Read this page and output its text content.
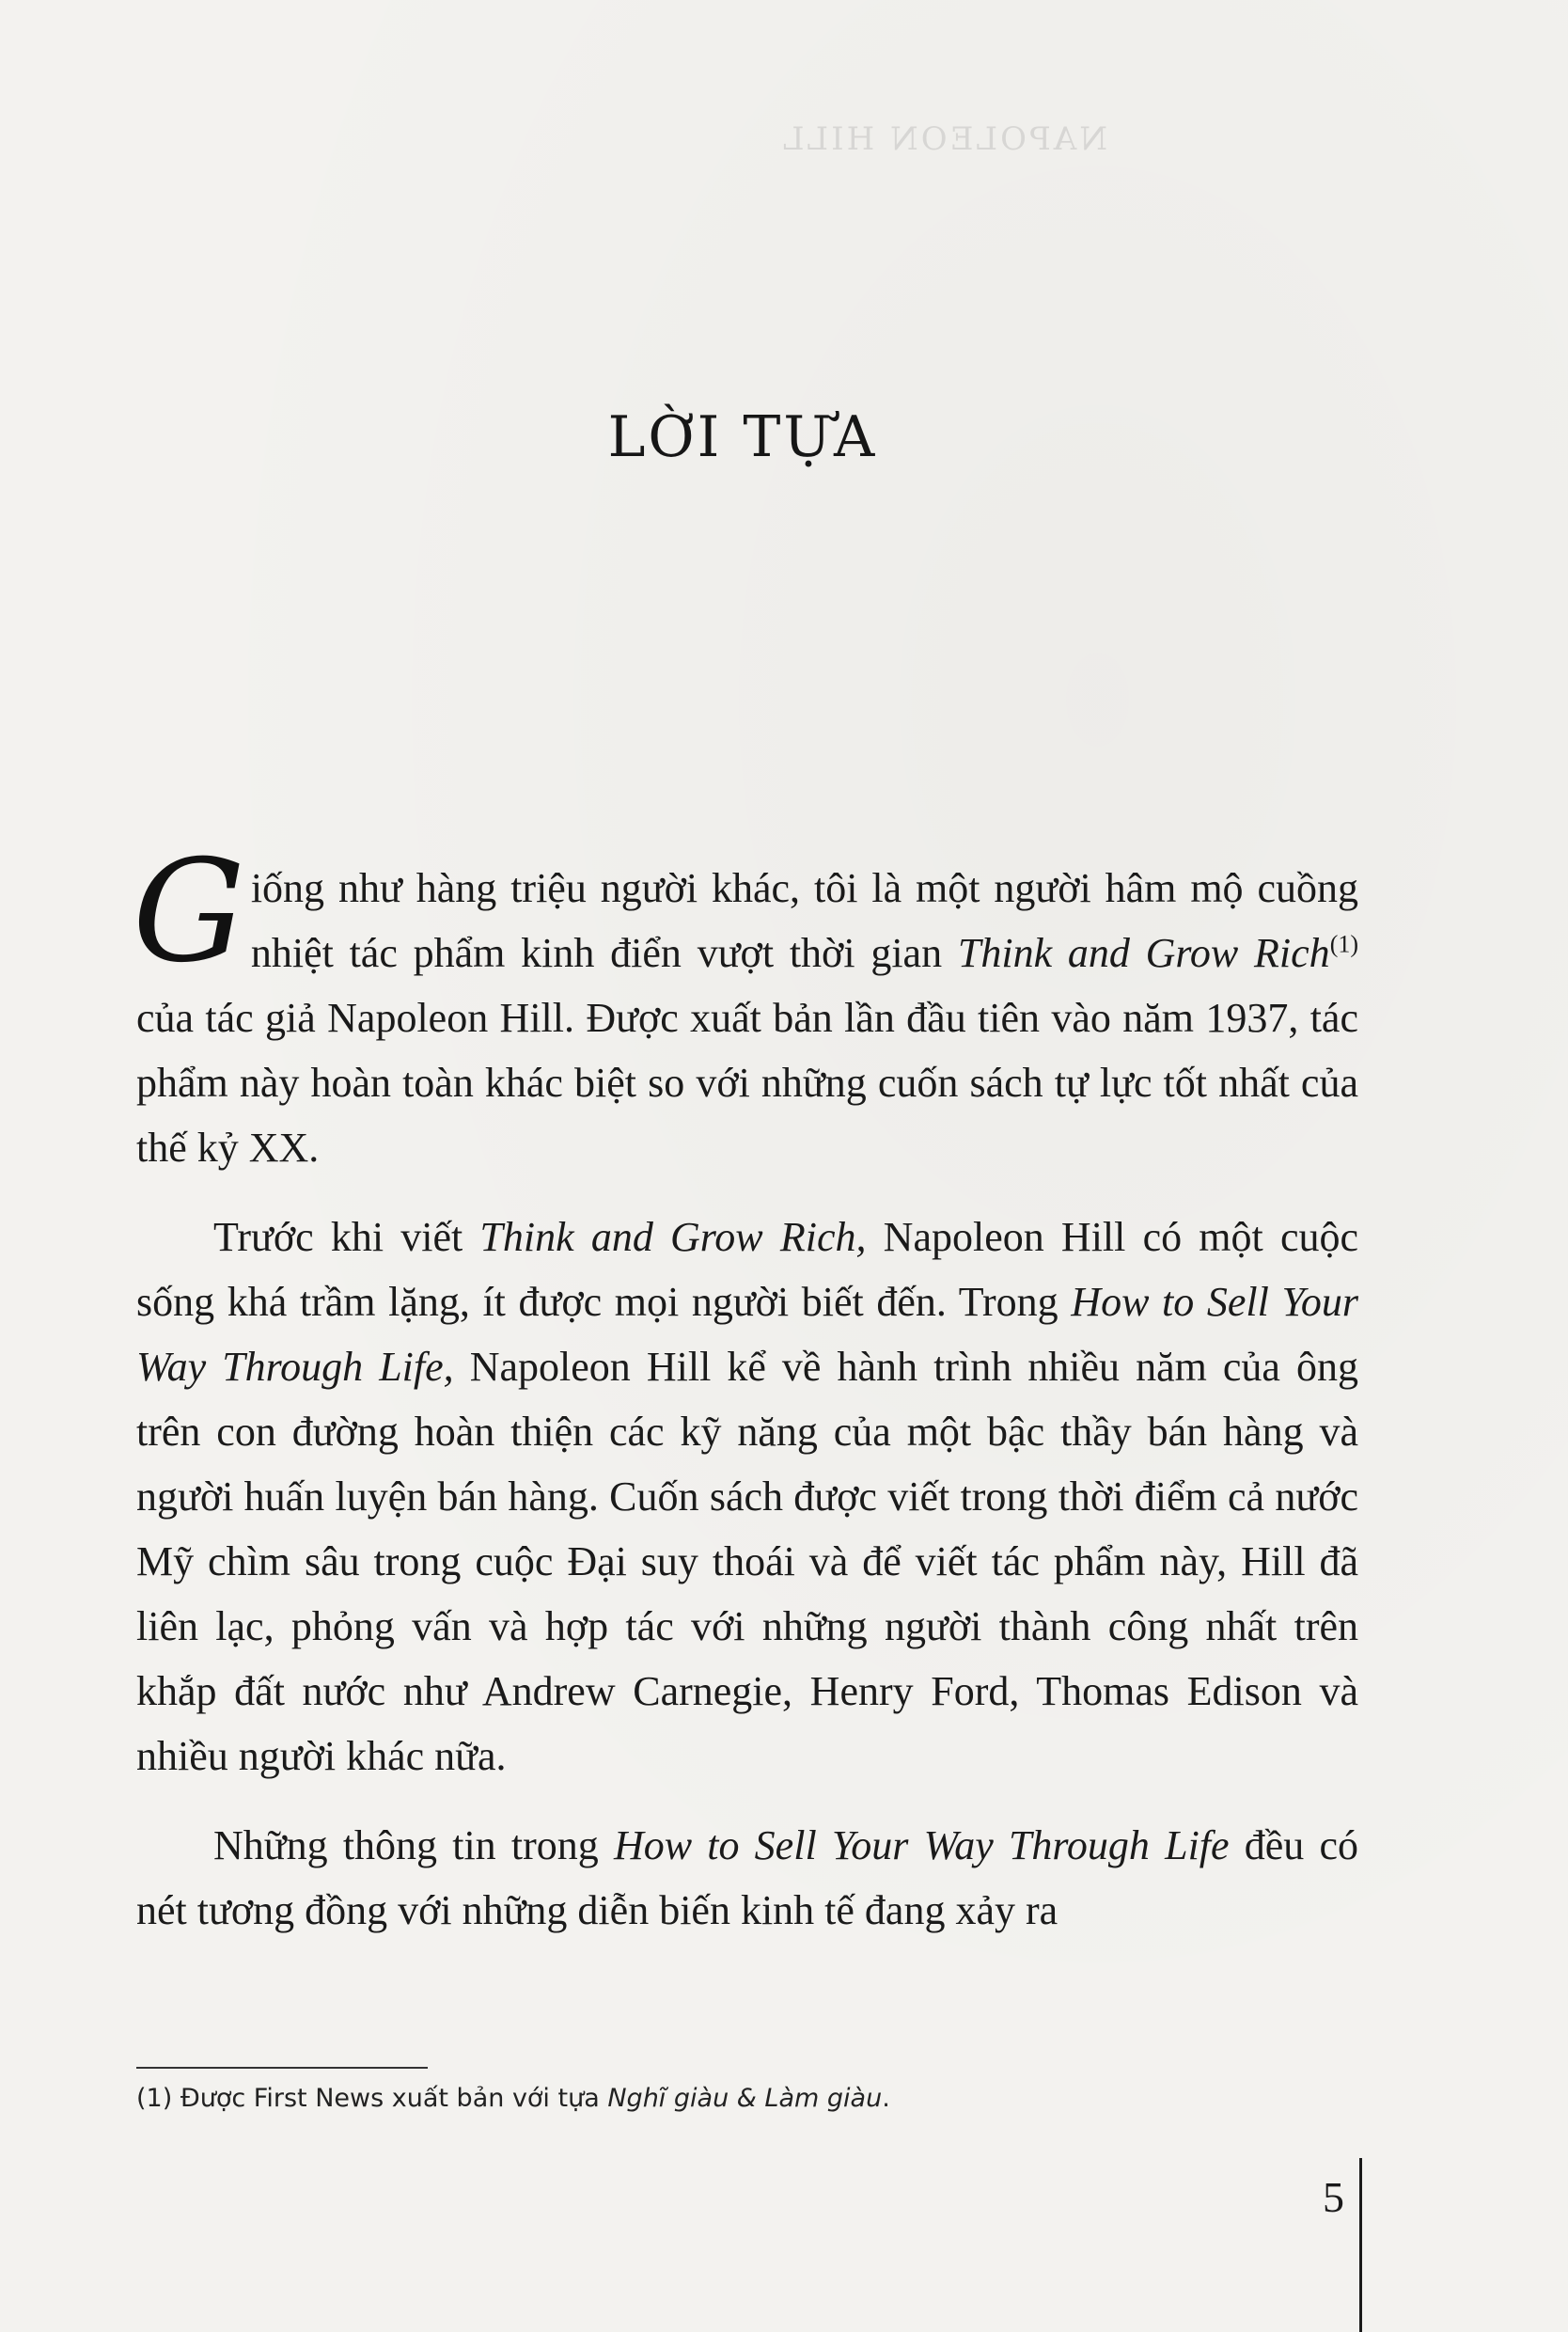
NAPOLEON HILL
LỜI TỰA

Giống như hàng triệu người khác, tôi là một người hâm mộ cuồng nhiệt tác phẩm kinh điển vượt thời gian Think and Grow Rich$^{(1)}$ của tác giả Napoleon Hill. Được xuất bản lần đầu tiên vào năm 1937, tác phẩm này hoàn toàn khác biệt so với những cuốn sách tự lực tốt nhất của thế kỷ XX.

Trước khi viết Think and Grow Rich, Napoleon Hill có một cuộc sống khá trầm lặng, ít được mọi người biết đến. Trong How to Sell Your Way Through Life, Napoleon Hill kể về hành trình nhiều năm của ông trên con đường hoàn thiện các kỹ năng của một bậc thầy bán hàng và người huấn luyện bán hàng. Cuốn sách được viết trong thời điểm cả nước Mỹ chìm sâu trong cuộc Đại suy thoái và để viết tác phẩm này, Hill đã liên lạc, phỏng vấn và hợp tác với những người thành công nhất trên khắp đất nước như Andrew Carnegie, Henry Ford, Thomas Edison và nhiều người khác nữa.

Những thông tin trong How to Sell Your Way Through Life đều có nét tương đồng với những diễn biến kinh tế đang xảy ra

(1) Được First News xuất bản với tựa Nghĩ giàu & Làm giàu.
5
